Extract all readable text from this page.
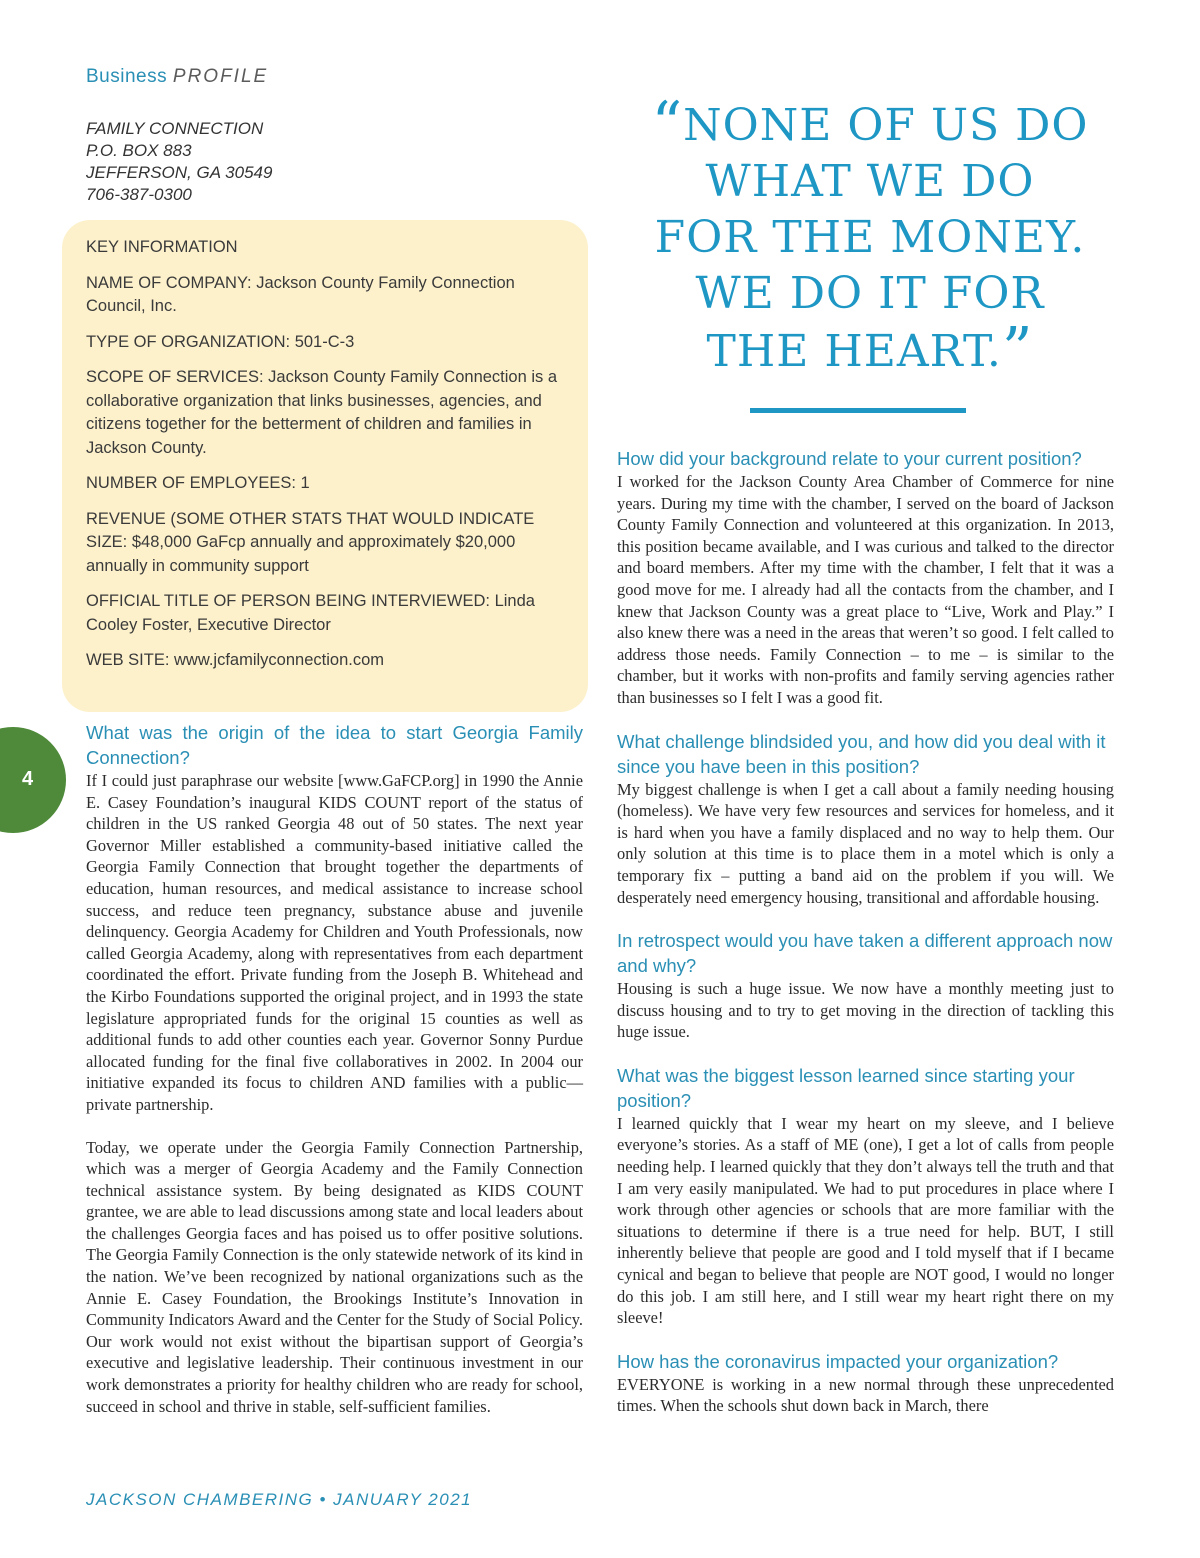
Business PROFILE
FAMILY CONNECTION
P.O. BOX 883
JEFFERSON, GA 30549
706-387-0300

KEY INFORMATION

NAME OF COMPANY: Jackson County Family Connection Council, Inc.

TYPE OF ORGANIZATION: 501-C-3

SCOPE OF SERVICES: Jackson County Family Connection is a collaborative organization that links businesses, agencies, and citizens together for the betterment of children and families in Jackson County.

NUMBER OF EMPLOYEES: 1

REVENUE (SOME OTHER STATS THAT WOULD INDICATE SIZE: $48,000 GaFcp annually and approximately $20,000 annually in community support

OFFICIAL TITLE OF PERSON BEING INTERVIEWED: Linda Cooley Foster, Executive Director

WEB SITE: www.jcfamilyconnection.com

4

What was the origin of the idea to start Georgia Family Connection?

If I could just paraphrase our website [www.GaFCP.org] in 1990 the Annie E. Casey Foundation’s inaugural KIDS COUNT report of the status of children in the US ranked Georgia 48 out of 50 states. The next year Governor Miller established a community-based initiative called the Georgia Family Connection that brought together the departments of education, human resources, and medical assistance to increase school success, and reduce teen pregnancy, substance abuse and juvenile delinquency. Georgia Academy for Children and Youth Professionals, now called Georgia Academy, along with representatives from each department coordinated the effort. Private funding from the Joseph B. Whitehead and the Kirbo Foundations supported the original project, and in 1993 the state legislature appropriated funds for the original 15 counties as well as additional funds to add other counties each year. Governor Sonny Purdue allocated funding for the final five collaboratives in 2002. In 2004 our initiative expanded its focus to children AND families with a public—private partnership.

Today, we operate under the Georgia Family Connection Partnership, which was a merger of Georgia Academy and the Family Connection technical assistance system. By being designated as KIDS COUNT grantee, we are able to lead discussions among state and local leaders about the challenges Georgia faces and has poised us to offer positive solutions. The Georgia Family Connection is the only statewide network of its kind in the nation. We’ve been recognized by national organizations such as the Annie E. Casey Foundation, the Brookings Institute’s Innovation in Community Indicators Award and the Center for the Study of Social Policy. Our work would not exist without the bipartisan support of Georgia’s executive and legislative leadership. Their continuous investment in our work demonstrates a priority for healthy children who are ready for school, succeed in school and thrive in stable, self-sufficient families.

“NONE OF US DO
WHAT WE DO
FOR THE MONEY.
WE DO IT FOR
THE HEART.”

How did your background relate to your current position?

I worked for the Jackson County Area Chamber of Commerce for nine years. During my time with the chamber, I served on the board of Jackson County Family Connection and volunteered at this organization. In 2013, this position became available, and I was curious and talked to the director and board members. After my time with the chamber, I felt that it was a good move for me. I already had all the contacts from the chamber, and I knew that Jackson County was a great place to “Live, Work and Play.” I also knew there was a need in the areas that weren’t so good. I felt called to address those needs. Family Connection – to me – is similar to the chamber, but it works with non-profits and family serving agencies rather than businesses so I felt I was a good fit.

What challenge blindsided you, and how did you deal with it since you have been in this position?

My biggest challenge is when I get a call about a family needing housing (homeless). We have very few resources and services for homeless, and it is hard when you have a family displaced and no way to help them. Our only solution at this time is to place them in a motel which is only a temporary fix – putting a band aid on the problem if you will. We desperately need emergency housing, transitional and affordable housing.

In retrospect would you have taken a different approach now and why?

Housing is such a huge issue. We now have a monthly meeting just to discuss housing and to try to get moving in the direction of tackling this huge issue.

What was the biggest lesson learned since starting your position?

I learned quickly that I wear my heart on my sleeve, and I believe everyone’s stories. As a staff of ME (one), I get a lot of calls from people needing help. I learned quickly that they don’t always tell the truth and that I am very easily manipulated. We had to put procedures in place where I work through other agencies or schools that are more familiar with the situations to determine if there is a true need for help. BUT, I still inherently believe that people are good and I told myself that if I became cynical and began to believe that people are NOT good, I would no longer do this job. I am still here, and I still wear my heart right there on my sleeve!

How has the coronavirus impacted your organization?

EVERYONE is working in a new normal through these unprecedented times. When the schools shut down back in March, there

JACKSON CHAMBERING • JANUARY 2021
